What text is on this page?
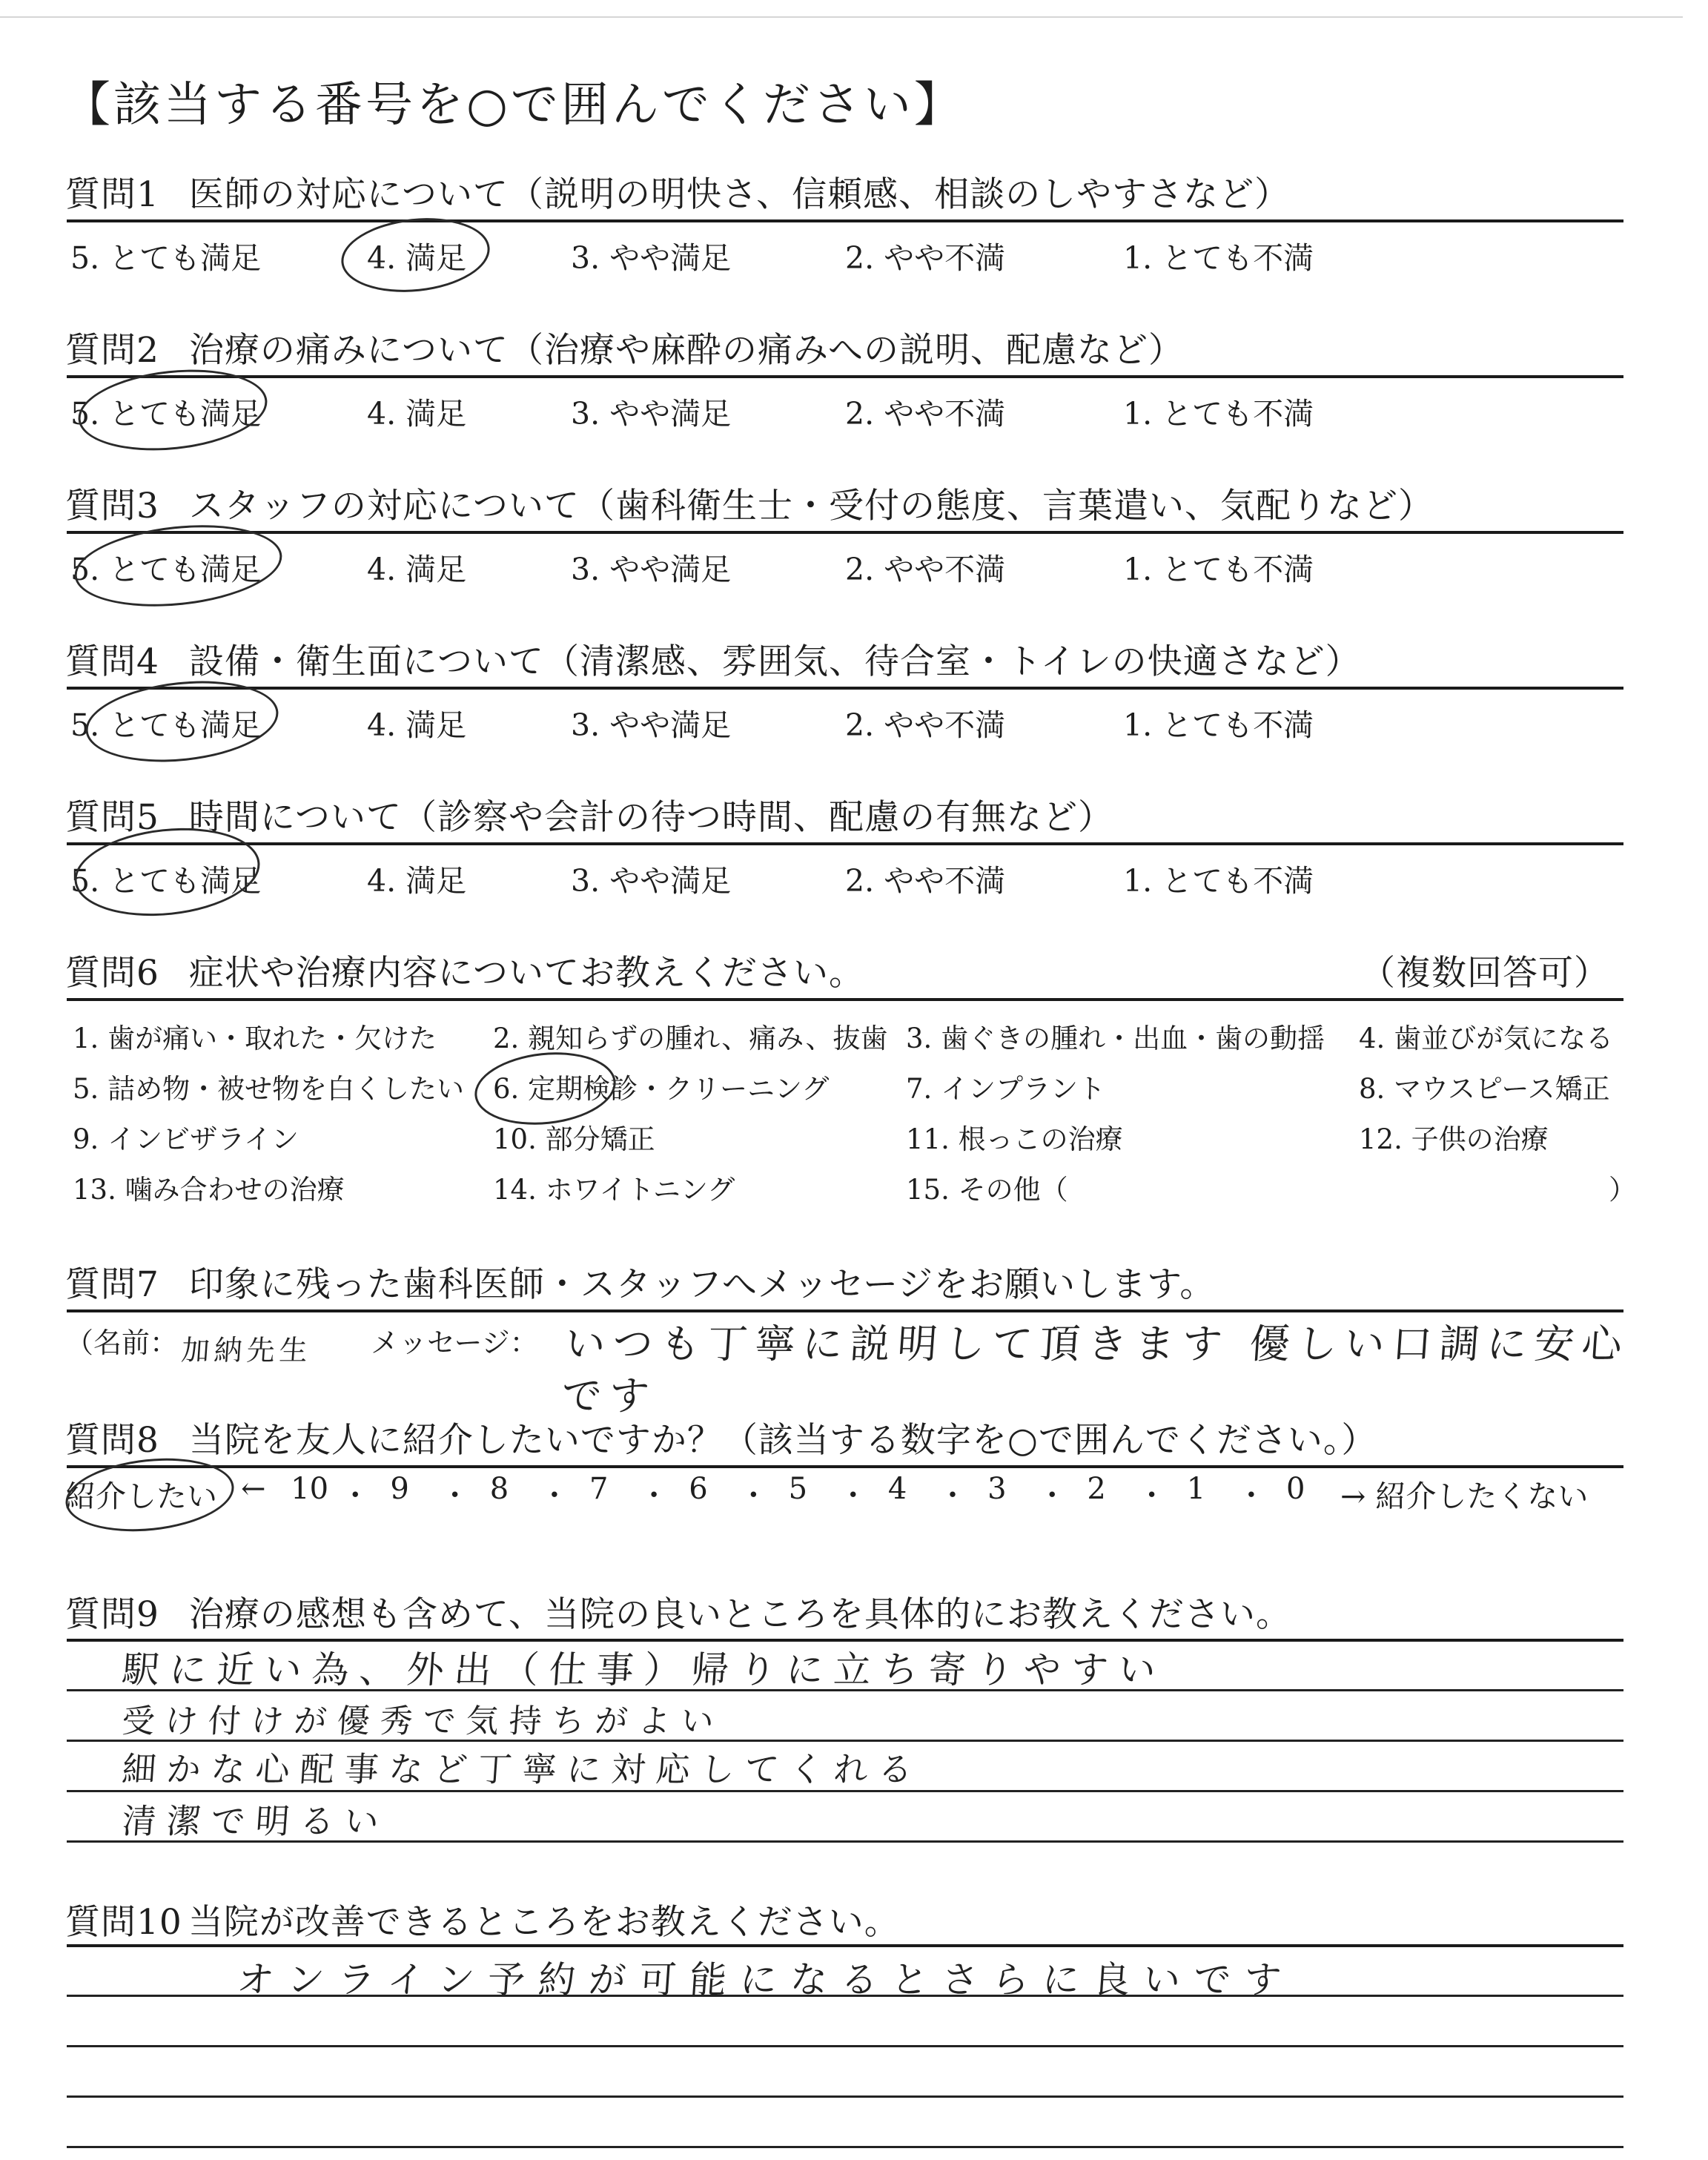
【該当する番号を○で囲んでください】
質問1 医師の対応について（説明の明快さ、信頼感、相談のしやすさなど）
5. とても満足	4. 満足	3. やや満足	2. やや不満	1. とても不満
質問2 治療の痛みについて（治療や麻酔の痛みへの説明、配慮など）
5. とても満足	4. 満足	3. やや満足	2. やや不満	1. とても不満
質問3 スタッフの対応について（歯科衛生士・受付の態度、言葉遣い、気配りなど）
5. とても満足	4. 満足	3. やや満足	2. やや不満	1. とても不満
質問4 設備・衛生面について（清潔感、雰囲気、待合室・トイレの快適さなど）
5. とても満足	4. 満足	3. やや満足	2. やや不満	1. とても不満
質問5 時間について（診察や会計の待つ時間、配慮の有無など）
5. とても満足	4. 満足	3. やや満足	2. やや不満	1. とても不満
質問6 症状や治療内容についてお教えください。	（複数回答可）
1. 歯が痛い・取れた・欠けた 2. 親知らずの腫れ、痛み、抜歯 3. 歯ぐきの腫れ・出血・歯の動揺 4. 歯並びが気になる
5. 詰め物・被せ物を白くしたい 6. 定期検診・クリーニング	7. インプラント	8. マウスピース矯正
9. インビザライン	10. 部分矯正	11. 根っこの治療	12. 子供の治療
13. 噛み合わせの治療	14. ホワイトニング	15. その他（	）
質問7 印象に残った歯科医師・スタッフへメッセージをお願いします。
（名前：	メッセージ：
加納先生	いつも丁寧に説明して頂きます 優しい口調に安心です
質問8 当院を友人に紹介したいですか？（該当する数字を○で囲んでください。）
紹介したい ← 10 ・ 9 ・ 8 ・ 7 ・ 6 ・ 5 ・ 4 ・ 3 ・ 2 ・ 1 ・ 0 → 紹介したくない
質問9 治療の感想も含めて、当院の良いところを具体的にお教えください。
駅に近い為、外出（仕事）帰りに立ち寄りやすい
受け付けが優秀で気持ちがよい
細かな心配事など丁寧に対応してくれる
清潔で明るい
質問10 当院が改善できるところをお教えください。
オンライン予約が可能になるとさらに良いです
